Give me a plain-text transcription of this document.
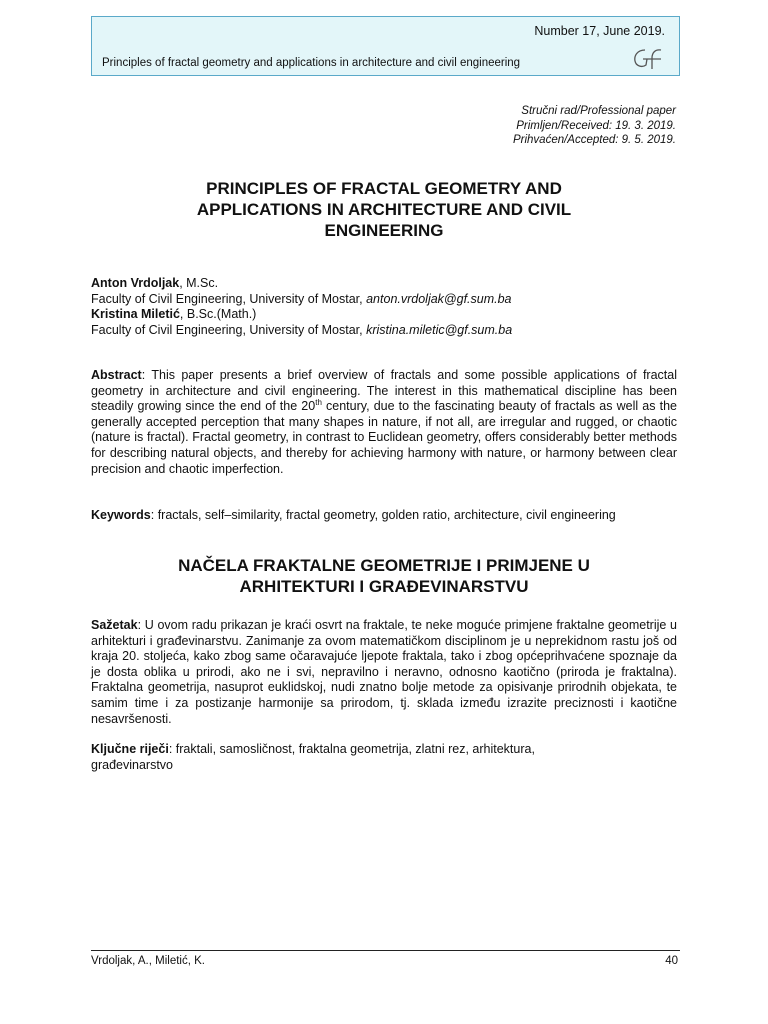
Number 17, June 2019.
Principles of fractal geometry and applications in architecture and civil engineering
Stručni rad/Professional paper
Primljen/Received: 19. 3. 2019.
Prihvaćen/Accepted: 9. 5. 2019.
PRINCIPLES OF FRACTAL GEOMETRY AND
APPLICATIONS IN ARCHITECTURE AND CIVIL
ENGINEERING
Anton Vrdoljak, M.Sc.
Faculty of Civil Engineering, University of Mostar, anton.vrdoljak@gf.sum.ba
Kristina Miletić, B.Sc.(Math.)
Faculty of Civil Engineering, University of Mostar, kristina.miletic@gf.sum.ba

Abstract: This paper presents a brief overview of fractals and some possible applications of fractal geometry in architecture and civil engineering. The interest in this mathematical discipline has been steadily growing since the end of the 20th century, due to the fascinating beauty of fractals as well as the generally accepted perception that many shapes in nature, if not all, are irregular and rugged, or chaotic (nature is fractal). Fractal geometry, in contrast to Euclidean geometry, offers considerably better methods for describing natural objects, and thereby for achieving harmony with nature, or harmony between clear precision and chaotic imperfection.

Keywords: fractals, self–similarity, fractal geometry, golden ratio, architecture, civil engineering
NAČELA FRAKTALNE GEOMETRIJE I PRIMJENE U
ARHITEKTURI I GRAĐEVINARSTVU

Sažetak: U ovom radu prikazan je kraći osvrt na fraktale, te neke moguće primjene fraktalne geometrije u arhitekturi i građevinarstvu. Zanimanje za ovom matematičkom disciplinom je u neprekidnom rastu još od kraja 20. stoljeća, kako zbog same očaravajuće ljepote fraktala, tako i zbog općeprihvaćene spoznaje da je dosta oblika u prirodi, ako ne i svi, nepravilno i neravno, odnosno kaotično (priroda je fraktalna). Fraktalna geometrija, nasuprot euklidskoj, nudi znatno bolje metode za opisivanje prirodnih objekata, te samim time i za postizanje harmonije sa prirodom, tj. sklada između izrazite preciznosti i kaotične nesavršenosti.

Ključne riječi: fraktali, samosličnost, fraktalna geometrija, zlatni rez, arhitektura,
građevinarstvo
Vrdoljak, A., Miletić, K.	40
